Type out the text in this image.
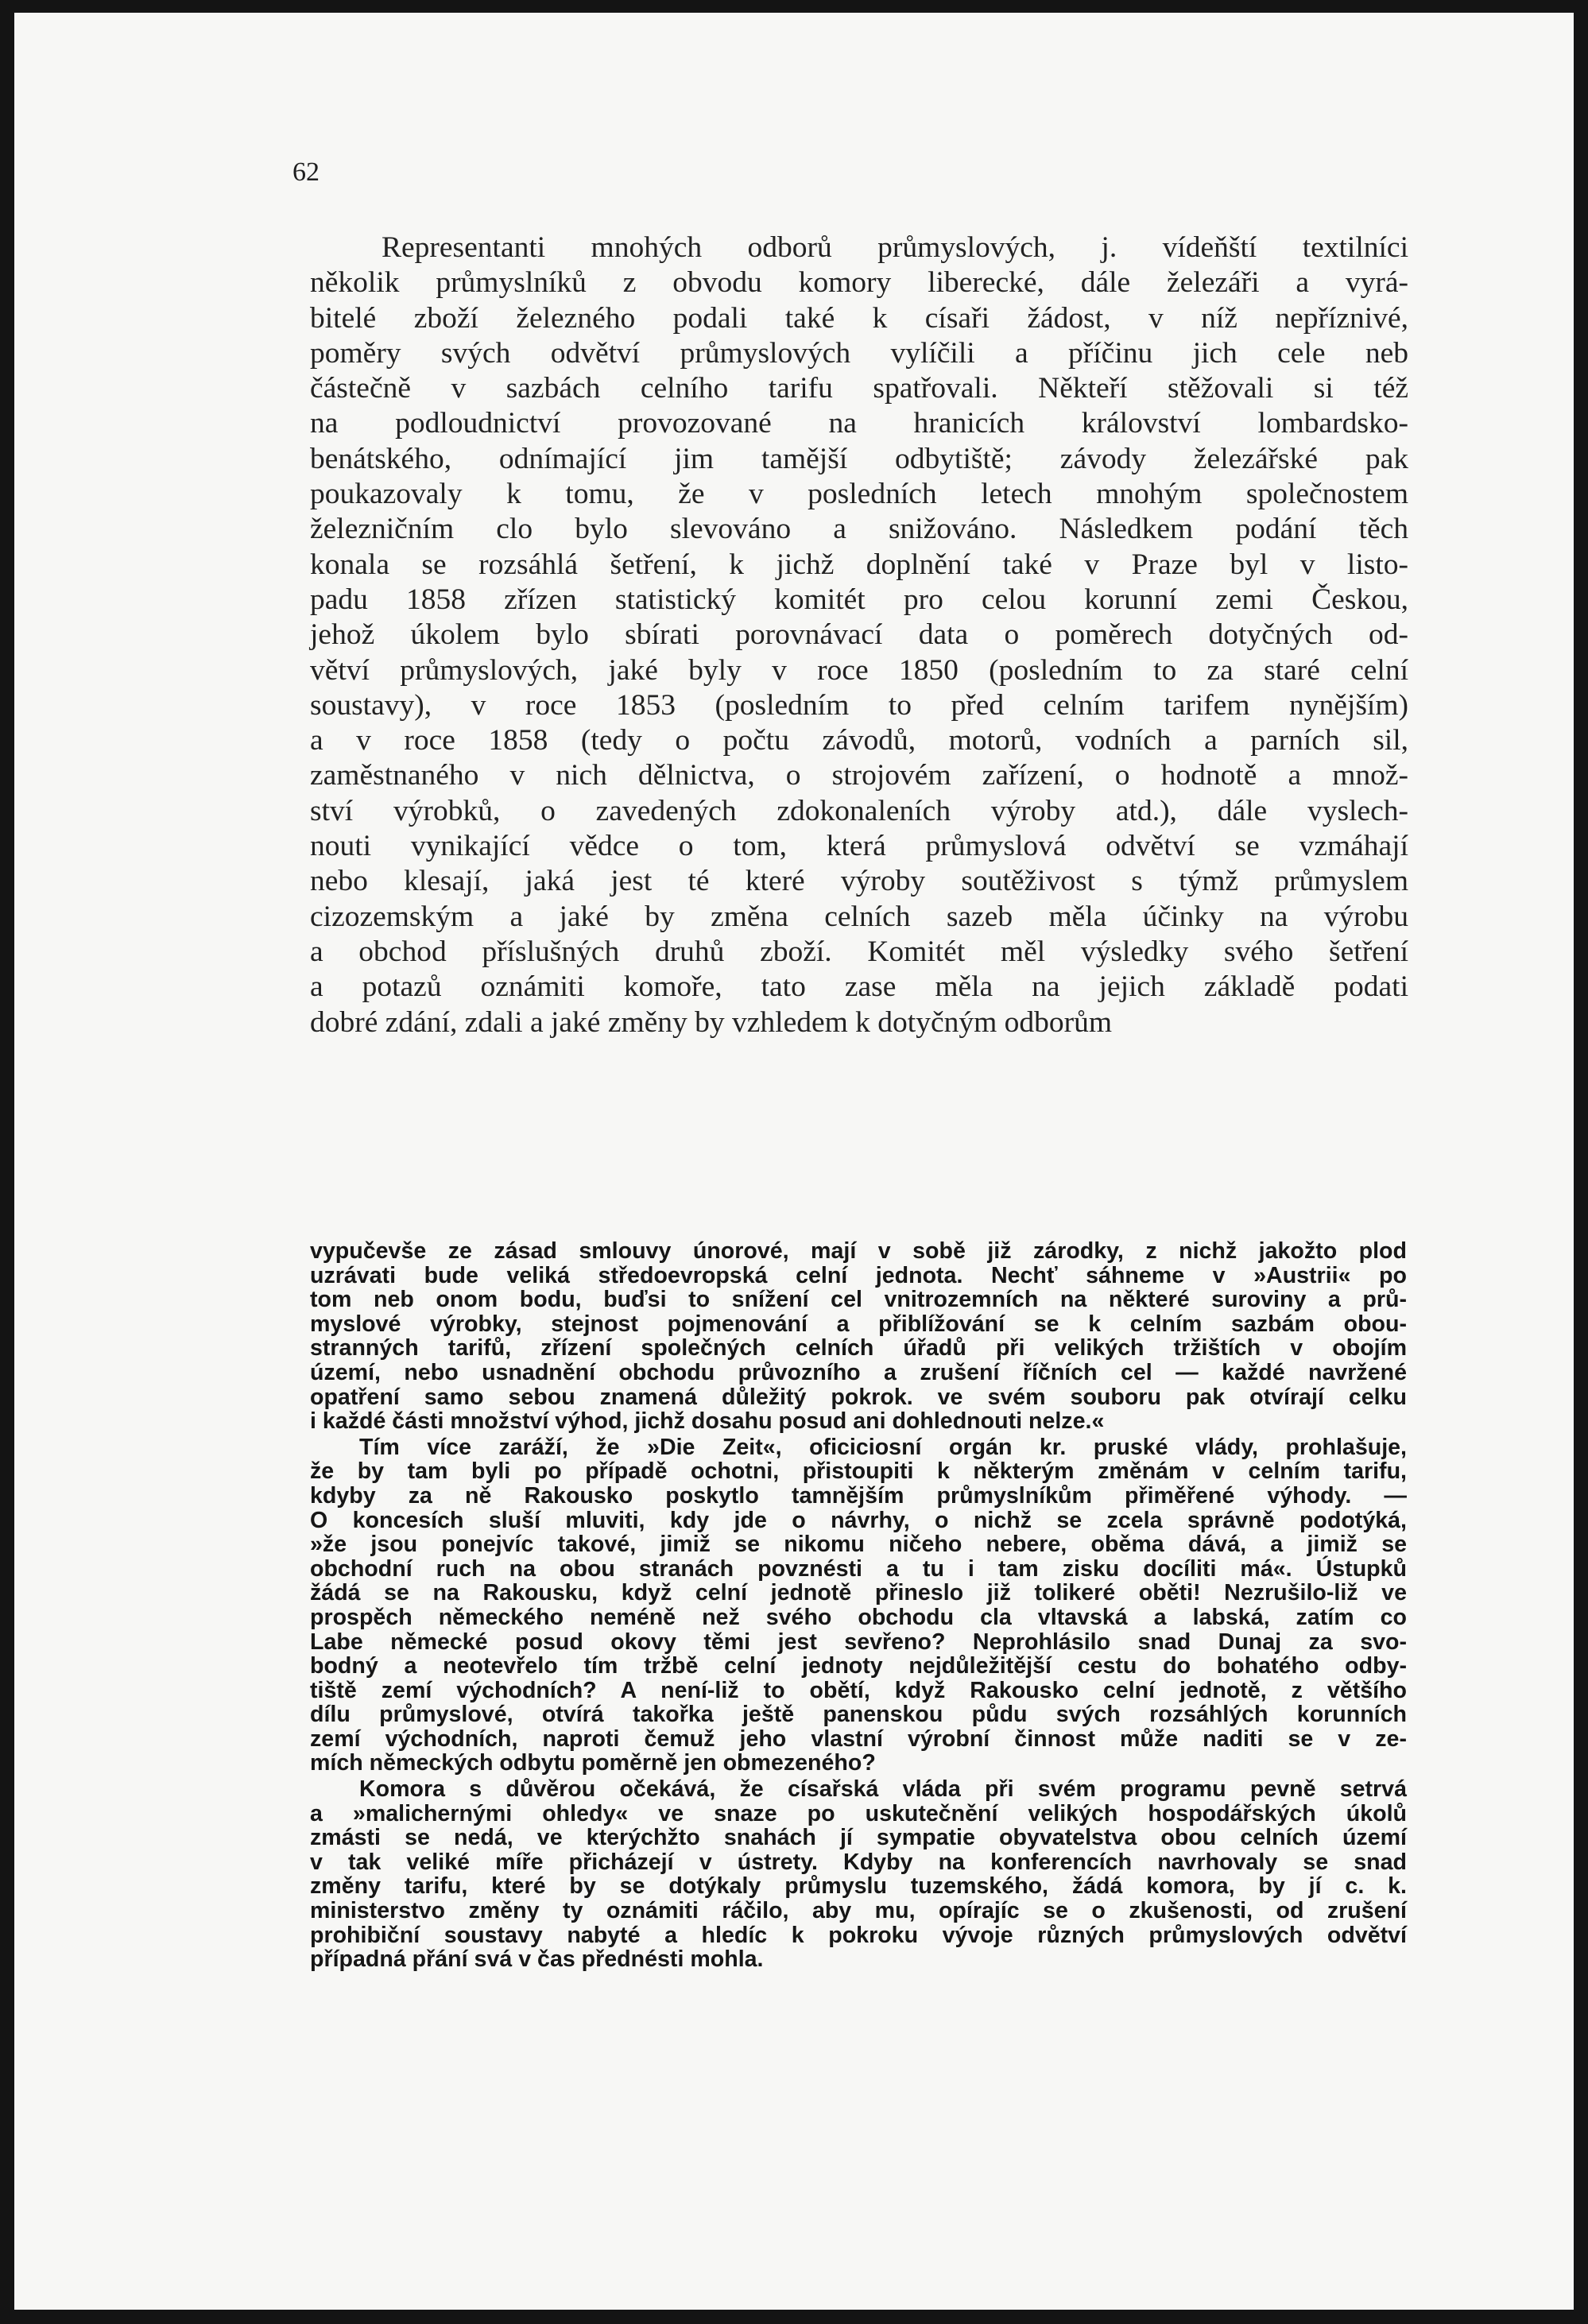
62

Representanti mnohých odborů průmyslových, j. vídeňští textilníci
několik průmyslníků z obvodu komory liberecké, dále železáři a vyrá-
bitelé zboží železného podali také k císaři žádost, v níž nepříznivé,
poměry svých odvětví průmyslových vylíčili a příčinu jich cele neb
částečně v sazbách celního tarifu spatřovali. Někteří stěžovali si též
na podloudnictví provozované na hranicích království lombardsko-
benátského, odnímající jim tamější odbytiště; závody železářské pak
poukazovaly k tomu, že v posledních letech mnohým společnostem
železničním clo bylo slevováno a snižováno. Následkem podání těch
konala se rozsáhlá šetření, k jichž doplnění také v Praze byl v listo-
padu 1858 zřízen statistický komitét pro celou korunní zemi Českou,
jehož úkolem bylo sbírati porovnávací data o poměrech dotyčných od-
větví průmyslových, jaké byly v roce 1850 (posledním to za staré celní
soustavy), v roce 1853 (posledním to před celním tarifem nynějším)
a v roce 1858 (tedy o počtu závodů, motorů, vodních a parních sil,
zaměstnaného v nich dělnictva, o strojovém zařízení, o hodnotě a množ-
ství výrobků, o zavedených zdokonaleních výroby atd.), dále vyslech-
nouti vynikající vědce o tom, která průmyslová odvětví se vzmáhají
nebo klesají, jaká jest té které výroby soutěživost s týmž průmyslem
cizozemským a jaké by změna celních sazeb měla účinky na výrobu
a obchod příslušných druhů zboží. Komitét měl výsledky svého šetření
a potazů oznámiti komoře, tato zase měla na jejich základě podati
dobré zdání, zdali a jaké změny by vzhledem k dotyčným odborům
vypučevše ze zásad smlouvy únorové, mají v sobě již zárodky, z nichž jakožto plod
uzrávati bude veliká středoevropská celní jednota. Nechť sáhneme v »Austrii« po
tom neb onom bodu, buďsi to snížení cel vnitrozemních na některé suroviny a prů-
myslové výrobky, stejnost pojmenování a přiblížování se k celním sazbám obou-
stranných tarifů, zřízení společných celních úřadů při velikých tržištích v obojím
území, nebo usnadnění obchodu průvozního a zrušení říčních cel — každé navržené
opatření samo sebou znamená důležitý pokrok. ve svém souboru pak otvírají celku
i každé části množství výhod, jichž dosahu posud ani dohlednouti nelze.«
Tím více zaráží, že »Die Zeit«, oficiciosní orgán kr. pruské vlády, prohlašuje,
že by tam byli po případě ochotni, přistoupiti k některým změnám v celním tarifu,
kdyby za ně Rakousko poskytlo tamnějším průmyslníkům přiměřené výhody. —
O koncesích sluší mluviti, kdy jde o návrhy, o nichž se zcela správně podotýká,
»že jsou ponejvíc takové, jimiž se nikomu ničeho nebere, oběma dává, a jimiž se
obchodní ruch na obou stranách povznésti a tu i tam zisku docíliti má«. Ústupků
žádá se na Rakousku, když celní jednotě přineslo již tolikeré oběti! Nezrušilo-liž ve
prospěch německého neméně než svého obchodu cla vltavská a labská, zatím co
Labe německé posud okovy těmi jest sevřeno? Neprohlásilo snad Dunaj za svo-
bodný a neotevřelo tím tržbě celní jednoty nejdůležitější cestu do bohatého odby-
tiště zemí východních? A není-liž to obětí, když Rakousko celní jednotě, z většího
dílu průmyslové, otvírá takořka ještě panenskou půdu svých rozsáhlých korunních
zemí východních, naproti čemuž jeho vlastní výrobní činnost může naditi se v ze-
mích německých odbytu poměrně jen obmezeného?
Komora s důvěrou očekává, že císařská vláda při svém programu pevně setrvá
a »malichernými ohledy« ve snaze po uskutečnění velikých hospodářských úkolů
zmásti se nedá, ve kterýchžto snahách jí sympatie obyvatelstva obou celních území
v tak veliké míře přicházejí v ústrety. Kdyby na konferencích navrhovaly se snad
změny tarifu, které by se dotýkaly průmyslu tuzemského, žádá komora, by jí c. k.
ministerstvo změny ty oznámiti ráčilo, aby mu, opírajíc se o zkušenosti, od zrušení
prohibiční soustavy nabyté a hledíc k pokroku vývoje různých průmyslových odvětví
případná přání svá v čas přednésti mohla.
